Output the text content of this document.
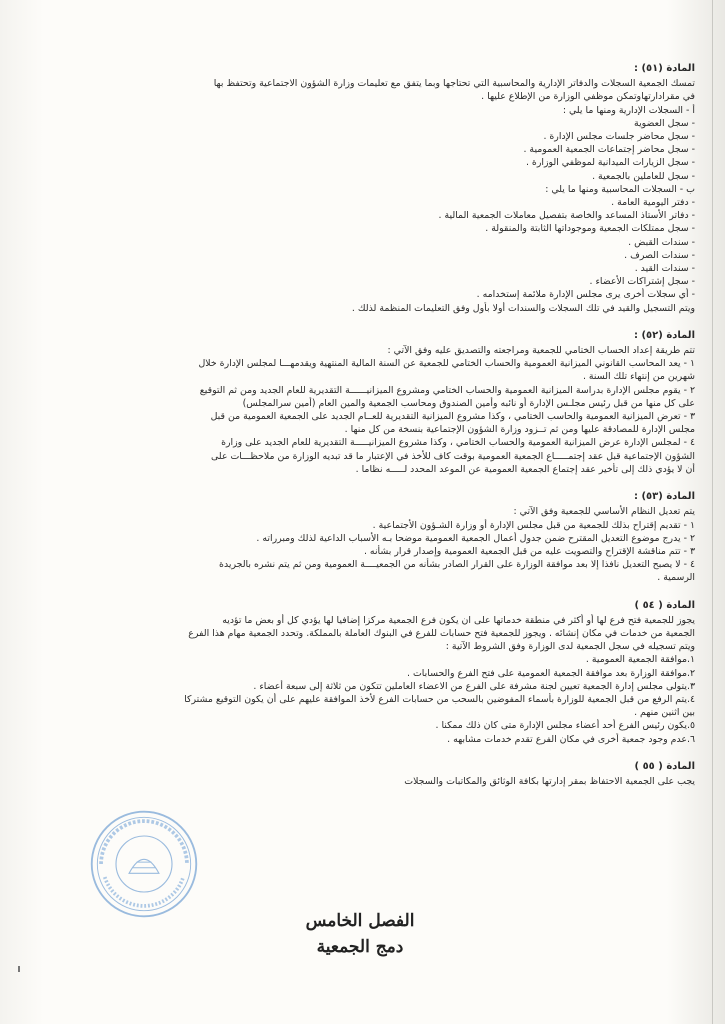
المادة (٥١) :
تمسك الجمعية السجلات والدفاتر الإدارية والمحاسبية التي تحتاجها وبما يتفق مع تعليمات وزارة الشؤون الاجتماعية وتحتفظ بها
في مقرادارتهاوتمكن موظفي الوزارة من الإطلاع عليها .
أ - السجلات الإدارية ومنها ما يلي :
- سجل العضوية
- سجل محاضر جلسات مجلس الإدارة .
- سجل محاضر إجتماعات الجمعية العمومية .
- سجل الزيارات الميدانية لموظفي الوزارة .
- سجل للعاملين بالجمعية .
ب - السجلات المحاسبية ومنها ما يلي :
- دفتر اليومية العامة .
- دفاتر الأستاذ المساعد والخاصة بتفصيل معاملات الجمعية المالية .
- سجل ممتلكات الجمعية وموجوداتها الثابتة والمنقولة .
- سندات القبض .
- سندات الصرف .
- سندات القيد .
- سجل إشتراكات الأعضاء .
- أي سجلات أخرى يرى مجلس الإدارة ملائمة إستخدامه .
ويتم التسجيل والقيد في تلك السجلات والسندات أولا بأول وفق التعليمات المنظمة لذلك .
المادة (٥٢) :
تتم طريقة إعداد الحساب الختامي للجمعية ومراجعته والتصديق عليه وفق الآتي :
١ - يعد المحاسب القانوني الميزانية العمومية والحساب الختامي للجمعية عن السنة المالية المنتهية ويقدمهـــا لمجلس الإدارة خلال
شهرين من إنتهاء تلك السنة .
٢ - يقوم مجلس الإدارة بدراسة الميزانية العمومية والحساب الختامي ومشروع الميزانيــــــة التقديرية للعام الجديد ومن ثم التوقيع
على كل منها من قبل رئيس مجلـس الإدارة أو نائبه وأمين الصندوق ومحاسب الجمعية والمين العام (أمين سرالمجلس)
٣ - تعرض الميزانية العمومية والحاسب الختامي ، وكذا مشروع الميزانية التقديرية للعــام الجديد على الجمعية العمومية من قبل
مجلس الإدارة للمصادقة عليها ومن ثم تــزود وزارة الشؤون الإجتماعية بنسخة من كل منها .
٤ - لمجلس الإدارة عرض الميزانية العمومية والحساب الختامي ، وكذا مشروع الميزانيـــــة التقديرية للعام الجديد على وزارة
الشؤون الإجتماعية قبل عقد إجتمـــــاع الجمعية العمومية بوقت كاف للأخذ في الإعتبار ما قد تبديه الوزارة من ملاحظـــات على
أن لا يؤدي ذلك إلى تأخير عقد إجتماع الجمعية العمومية عن الموعد المحدد لـــــه نظاما .
المادة (٥٣) :
يتم تعديل النظام الأساسي للجمعية وفق الآتي :
١ - تقديم إقتراح بذلك للجمعية من قبل مجلس الإدارة أو وزارة الشـؤون الأجتماعية .
٢ - يدرج موضوع التعديل المقترح ضمن جدول أعمال الجمعية العمومية موضحا بـه الأسباب الداعية لذلك ومبرراته .
٣ - تتم مناقشة الإقتراح والتصويت عليه من قبل الجمعية العمومية وإصدار قرار بشأنه .
٤ - لا يصبح التعديل نافذا إلا بعد موافقة الوزارة على القرار الصادر بشأنه من الجمعيــــة العمومية ومن ثم يتم نشره بالجريدة
الرسمية .
المادة ( ٥٤ )
يجوز للجمعية فتح فرع لها أو أكثر في منطقة خدماتها على ان يكون فرع الجمعية مركزا إضافيا لها يؤدي كل أو بعض ما تؤديه
الجمعية من خدمات في مكان إنشائه . ويجوز للجمعية فتح حسابات للفرع في البنوك العاملة بالمملكة. وتحدد الجمعية مهام هذا الفرع
ويتم تسجيله في سجل الجمعية لدى الوزارة وفق الشروط الآتية :
١.موافقة الجمعية العمومية .
٢.موافقة الوزارة بعد موافقة الجمعية العمومية على فتح الفرع والحسابات .
٣.يتولى مجلس إدارة الجمعية تعيين لجنة مشرفة على الفرع من الاعضاء العاملين تتكون من ثلاثة إلى سبعة أعضاء .
٤.يتم الرفع من قبل الجمعية للوزارة بأسماء المفوضين بالسحب من حسابات الفرع لأخذ الموافقة عليهم على أن يكون التوقيع مشتركا
بين اثنين منهم .
٥.يكون رئيس الفرع أحد أعضاء مجلس الإدارة متى كان ذلك ممكنا .
٦.عدم وجود جمعية أخرى في مكان الفرع تقدم خدمات مشابهه .
المادة ( ٥٥ )
يجب على الجمعية الاحتفاظ بمقر إدارتها بكافة الوثائق والمكاتبات والسجلات
الفصل الخامس
دمج الجمعية
